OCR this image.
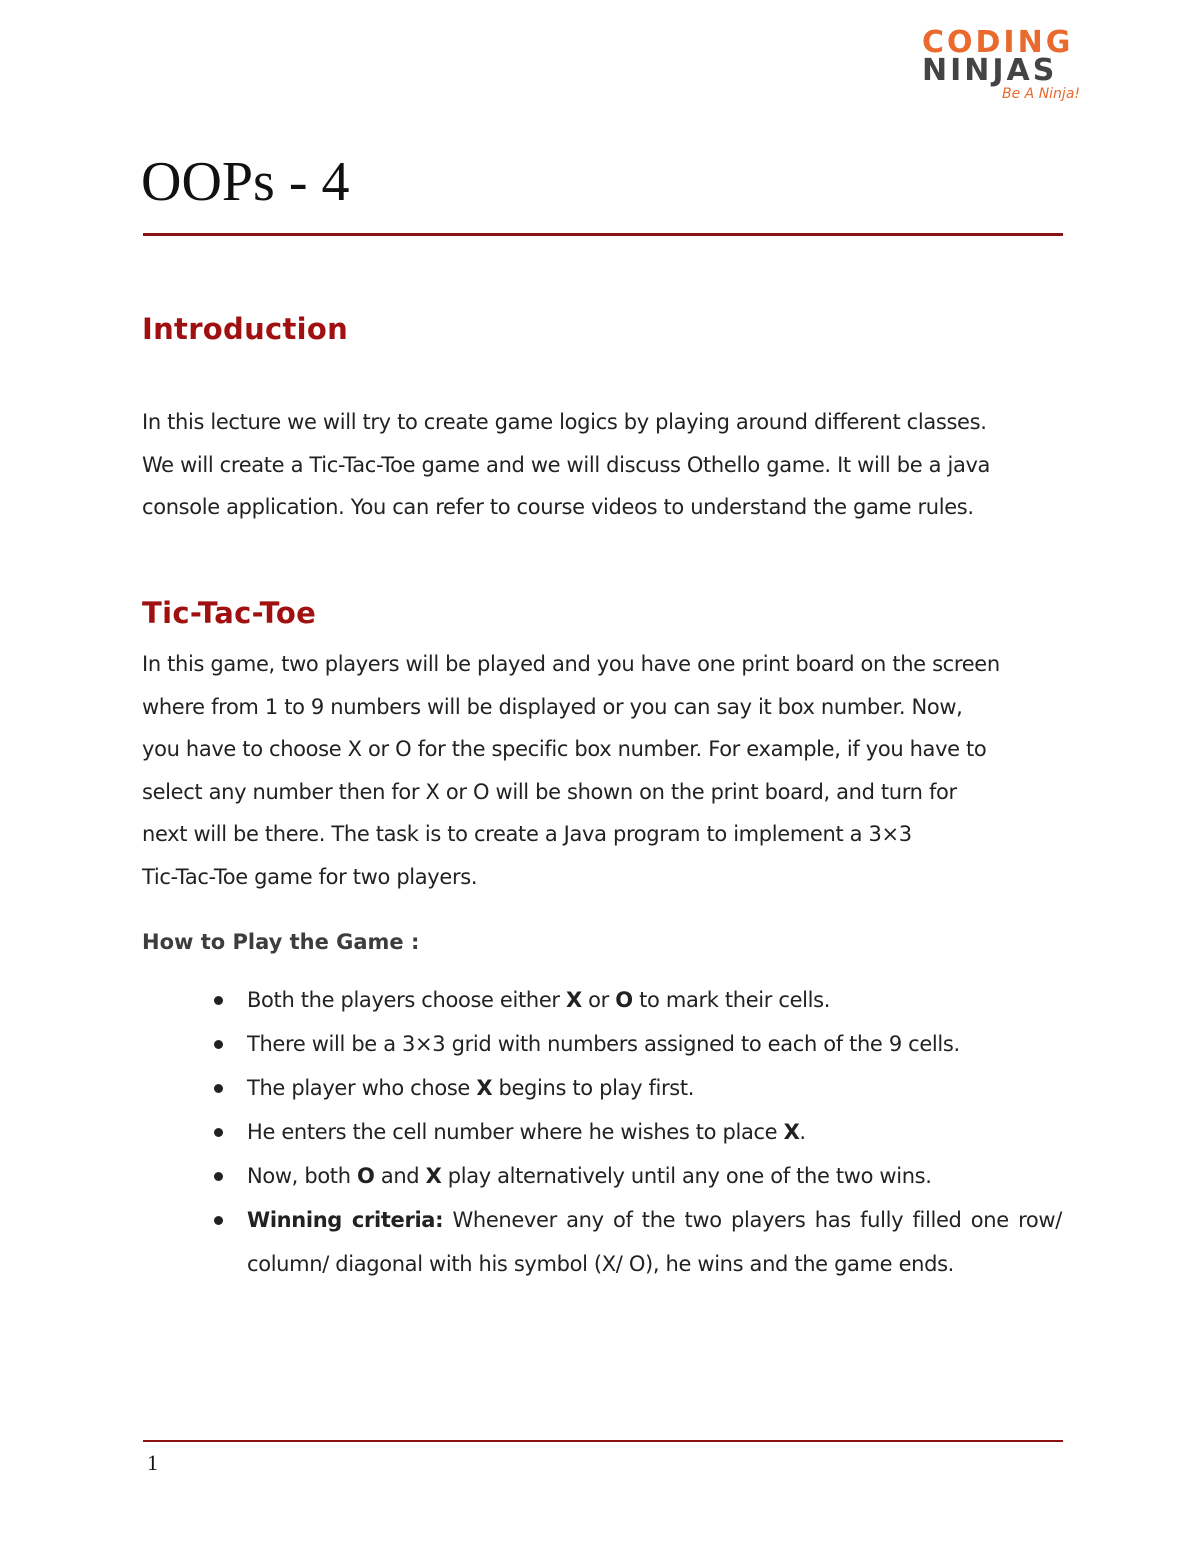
CODING
NINJAS
Be A Ninja!
OOPs - 4
Introduction

In this lecture we will try to create game logics by playing around different classes.
We will create a Tic-Tac-Toe game and we will discuss Othello game. It will be a java
console application. You can refer to course videos to understand the game rules.

Tic-Tac-Toe

In this game, two players will be played and you have one print board on the screen
where from 1 to 9 numbers will be displayed or you can say it box number. Now,
you have to choose X or O for the specific box number. For example, if you have to
select any number then for X or O will be shown on the print board, and turn for
next will be there. The task is to create a Java program to implement a 3×3
Tic-Tac-Toe game for two players.

How to Play the Game :

Both the players choose either X or O to mark their cells.
There will be a 3×3 grid with numbers assigned to each of the 9 cells.
The player who chose X begins to play first.
He enters the cell number where he wishes to place X.
Now, both O and X play alternatively until any one of the two wins.
Winning criteria: Whenever any of the two players has fully filled one row/ column/ diagonal with his symbol (X/ O), he wins and the game ends.
1
